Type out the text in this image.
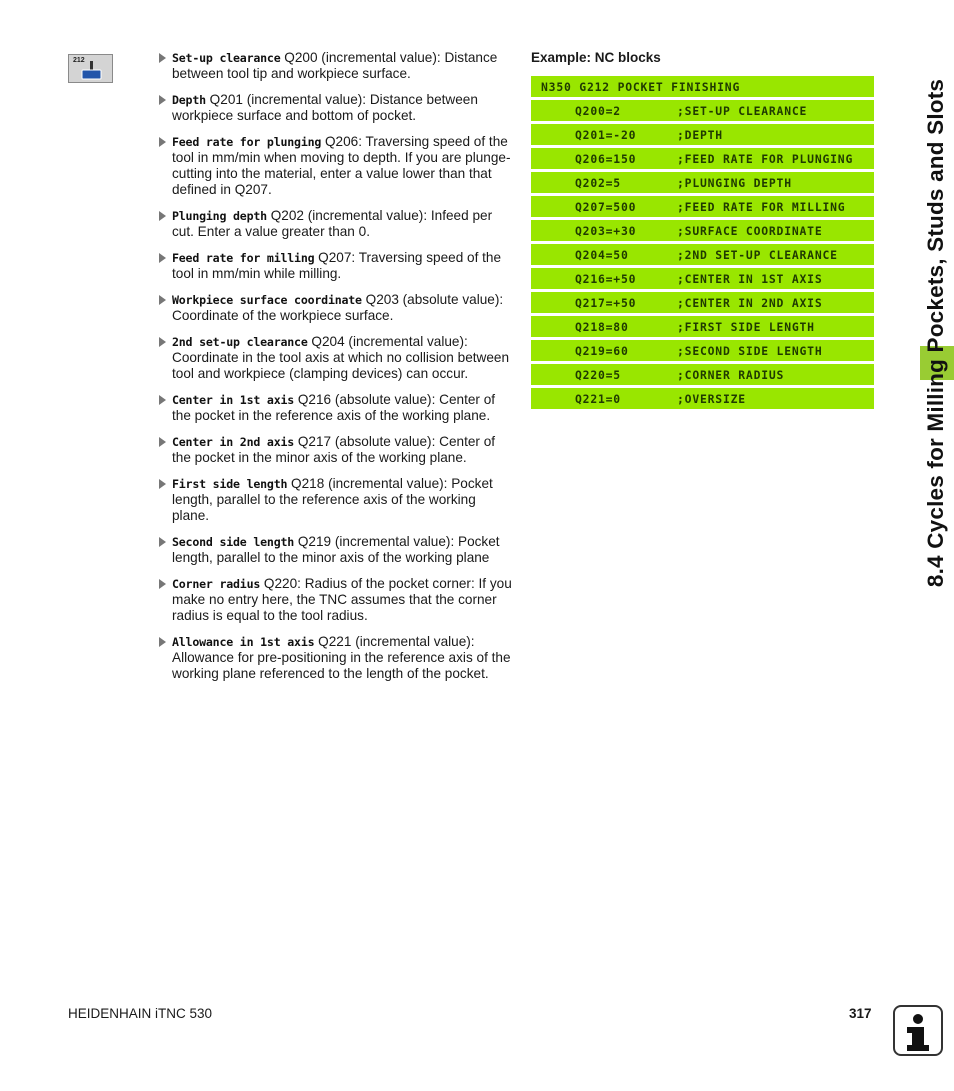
212	Set-up clearance Q200 (incremental value): Distance between tool tip and workpiece surface.
Depth Q201 (incremental value): Distance between workpiece surface and bottom of pocket.
Feed rate for plunging Q206: Traversing speed of the tool in mm/min when moving to depth. If you are plunge-cutting into the material, enter a value lower than that defined in Q207.
Plunging depth Q202 (incremental value): Infeed per cut. Enter a value greater than 0.
Feed rate for milling Q207: Traversing speed of the tool in mm/min while milling.
Workpiece surface coordinate Q203 (absolute value): Coordinate of the workpiece surface.
2nd set-up clearance Q204 (incremental value): Coordinate in the tool axis at which no collision between tool and workpiece (clamping devices) can occur.
Center in 1st axis Q216 (absolute value): Center of the pocket in the reference axis of the working plane.
Center in 2nd axis Q217 (absolute value): Center of the pocket in the minor axis of the working plane.
First side length Q218 (incremental value): Pocket length, parallel to the reference axis of the working plane.
Second side length Q219 (incremental value): Pocket length, parallel to the minor axis of the working plane
Corner radius Q220: Radius of the pocket corner: If you make no entry here, the TNC assumes that the corner radius is equal to the tool radius.
Allowance in 1st axis Q221 (incremental value): Allowance for pre-positioning in the reference axis of the working plane referenced to the length of the pocket.
Example: NC blocks
N350 G212 POCKET FINISHING
Q200=2	;SET-UP CLEARANCE
Q201=-20	;DEPTH
Q206=150	;FEED RATE FOR PLUNGING
Q202=5	;PLUNGING DEPTH
Q207=500	;FEED RATE FOR MILLING
Q203=+30	;SURFACE COORDINATE
Q204=50	;2ND SET-UP CLEARANCE
Q216=+50	;CENTER IN 1ST AXIS
Q217=+50	;CENTER IN 2ND AXIS
Q218=80	;FIRST SIDE LENGTH
Q219=60	;SECOND SIDE LENGTH
Q220=5	;CORNER RADIUS
Q221=0	;OVERSIZE	8.4 Cycles for Milling Pockets, Studs and Slots
HEIDENHAIN iTNC 530	317
